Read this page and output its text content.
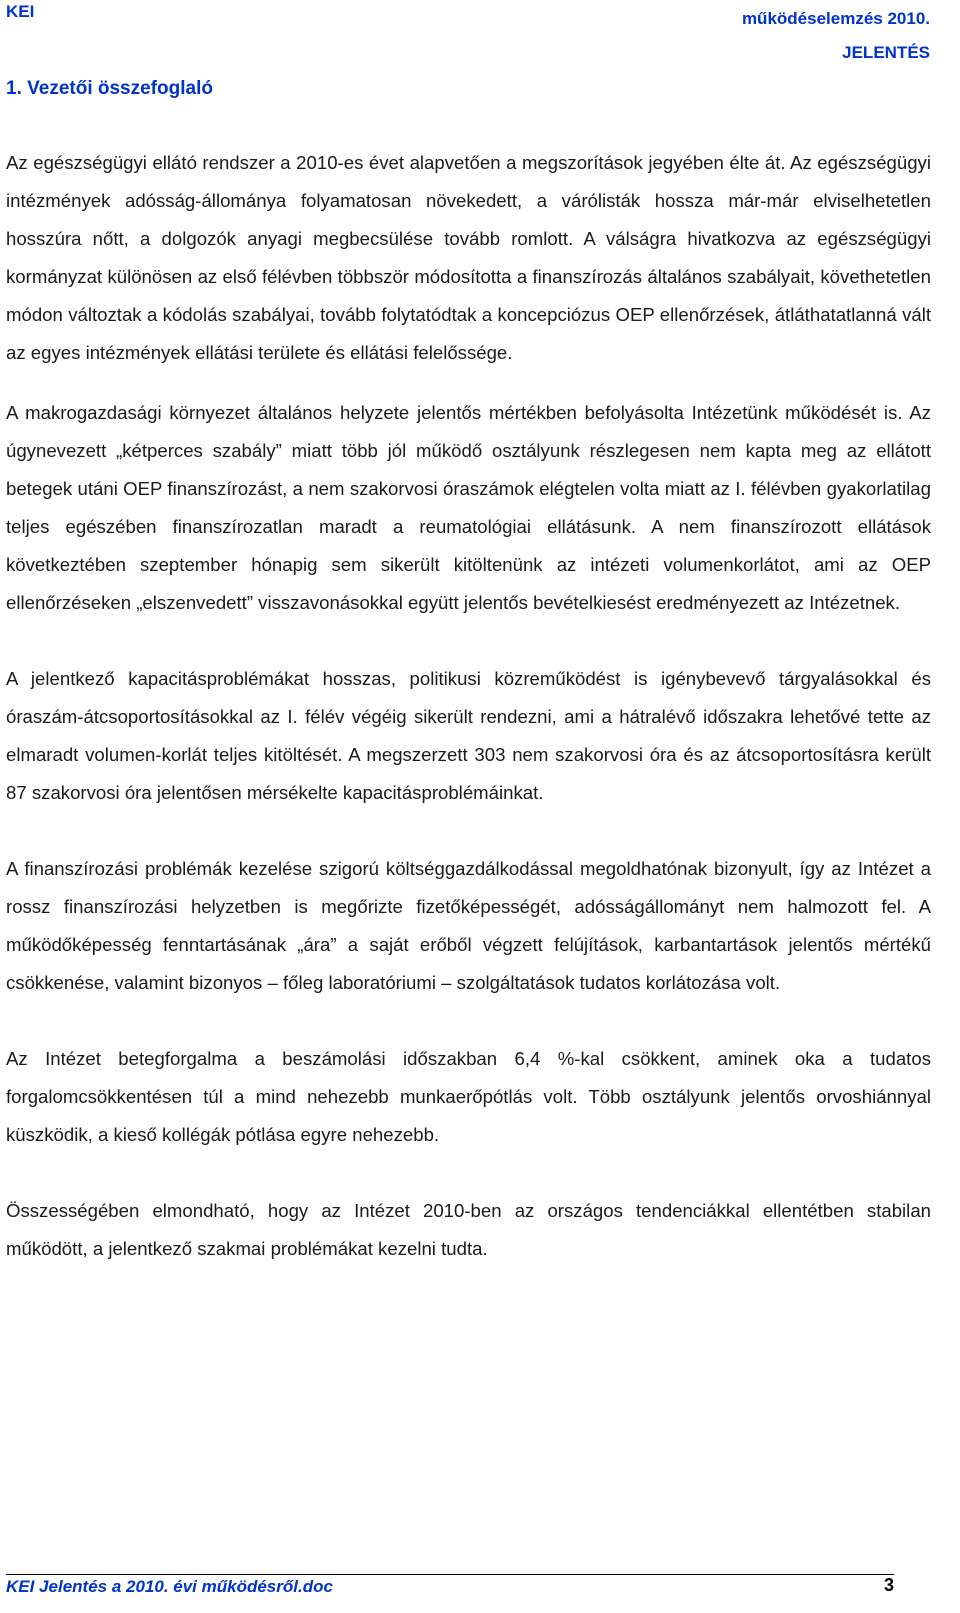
KEI	működéselemzés 2010.
JELENTÉS
1. Vezetői összefoglaló

Az egészségügyi ellátó rendszer a 2010-es évet alapvetően a megszorítások jegyében élte át. Az egészségügyi intézmények adósság-állománya folyamatosan növekedett, a várólisták hossza már-már elviselhetetlen hosszúra nőtt, a dolgozók anyagi megbecsülése tovább romlott. A válságra hivatkozva az egészségügyi kormányzat különösen az első félévben többször módosította a finanszírozás általános szabályait, követhetetlen módon változtak a kódolás szabályai, tovább folytatódtak a koncepciózus OEP ellenőrzések, átláthatatlanná vált az egyes intézmények ellátási területe és ellátási felelőssége.

A makrogazdasági környezet általános helyzete jelentős mértékben befolyásolta Intézetünk működését is. Az úgynevezett „kétperces szabály” miatt több jól működő osztályunk részlegesen nem kapta meg az ellátott betegek utáni OEP finanszírozást, a nem szakorvosi óraszámok elégtelen volta miatt az I. félévben gyakorlatilag teljes egészében finanszírozatlan maradt a reumatológiai ellátásunk. A nem finanszírozott ellátások következtében szeptember hónapig sem sikerült kitöltenünk az intézeti volumenkorlátot, ami az OEP ellenőrzéseken „elszenvedett” visszavonásokkal együtt jelentős bevételkiesést eredményezett az Intézetnek.

A jelentkező kapacitásproblémákat hosszas, politikusi közreműködést is igénybevevő tárgyalásokkal és óraszám-átcsoportosításokkal az I. félév végéig sikerült rendezni, ami a hátralévő időszakra lehetővé tette az elmaradt volumen-korlát teljes kitöltését. A megszerzett 303 nem szakorvosi óra és az átcsoportosításra került 87 szakorvosi óra jelentősen mérsékelte kapacitásproblémáinkat.

A finanszírozási problémák kezelése szigorú költséggazdálkodással megoldhatónak bizonyult, így az Intézet a rossz finanszírozási helyzetben is megőrizte fizetőképességét, adósságállományt nem halmozott fel. A működőképesség fenntartásának „ára” a saját erőből végzett felújítások, karbantartások jelentős mértékű csökkenése, valamint bizonyos – főleg laboratóriumi – szolgáltatások tudatos korlátozása volt.

Az Intézet betegforgalma a beszámolási időszakban 6,4 %-kal csökkent, aminek oka a tudatos forgalomcsökkentésen túl a mind nehezebb munkaerőpótlás volt. Több osztályunk jelentős orvoshiánnyal küszködik, a kieső kollégák pótlása egyre nehezebb.

Összességében elmondható, hogy az Intézet 2010-ben az országos tendenciákkal ellentétben stabilan működött, a jelentkező szakmai problémákat kezelni tudta.

KEI Jelentés a 2010. évi működésről.doc	3
